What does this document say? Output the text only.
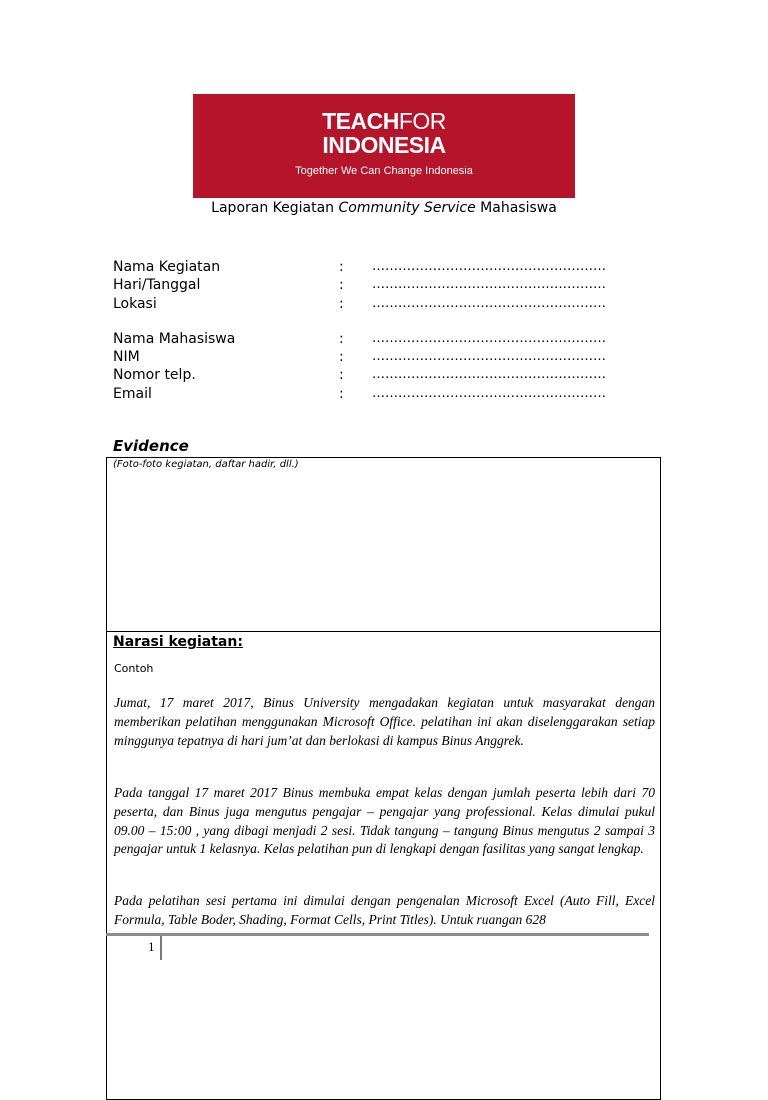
TEACHFOR
INDONESIA
Together We Can Change Indonesia
Laporan Kegiatan Community Service Mahasiswa
Nama Kegiatan	: ………………………………………………
Hari/Tanggal	: ………………………………………………
Lokasi	: ………………………………………………
Nama Mahasiswa	: ………………………………………………
NIM	: ………………………………………………
Nomor telp.	: ………………………………………………
Email	: ………………………………………………
Evidence
(Foto-foto kegiatan, daftar hadir, dll.)
Narasi kegiatan:
Contoh
Jumat, 17 maret 2017, Binus University mengadakan kegiatan untuk masyarakat dengan memberikan pelatihan menggunakan Microsoft Office. pelatihan ini akan diselenggarakan setiap minggunya tepatnya di hari jum’at dan berlokasi di kampus Binus Anggrek.
Pada tanggal 17 maret 2017 Binus membuka empat kelas dengan jumlah peserta lebih dari 70 peserta, dan Binus juga mengutus pengajar – pengajar yang professional. Kelas dimulai pukul 09.00 – 15:00 , yang dibagi menjadi 2 sesi. Tidak tangung – tangung Binus mengutus 2 sampai 3 pengajar untuk 1 kelasnya. Kelas pelatihan pun di lengkapi dengan fasilitas yang sangat lengkap.
Pada pelatihan sesi pertama ini dimulai dengan pengenalan Microsoft Excel (Auto Fill, Excel Formula, Table Boder, Shading, Format Cells, Print Titles). Untuk ruangan 628
1
